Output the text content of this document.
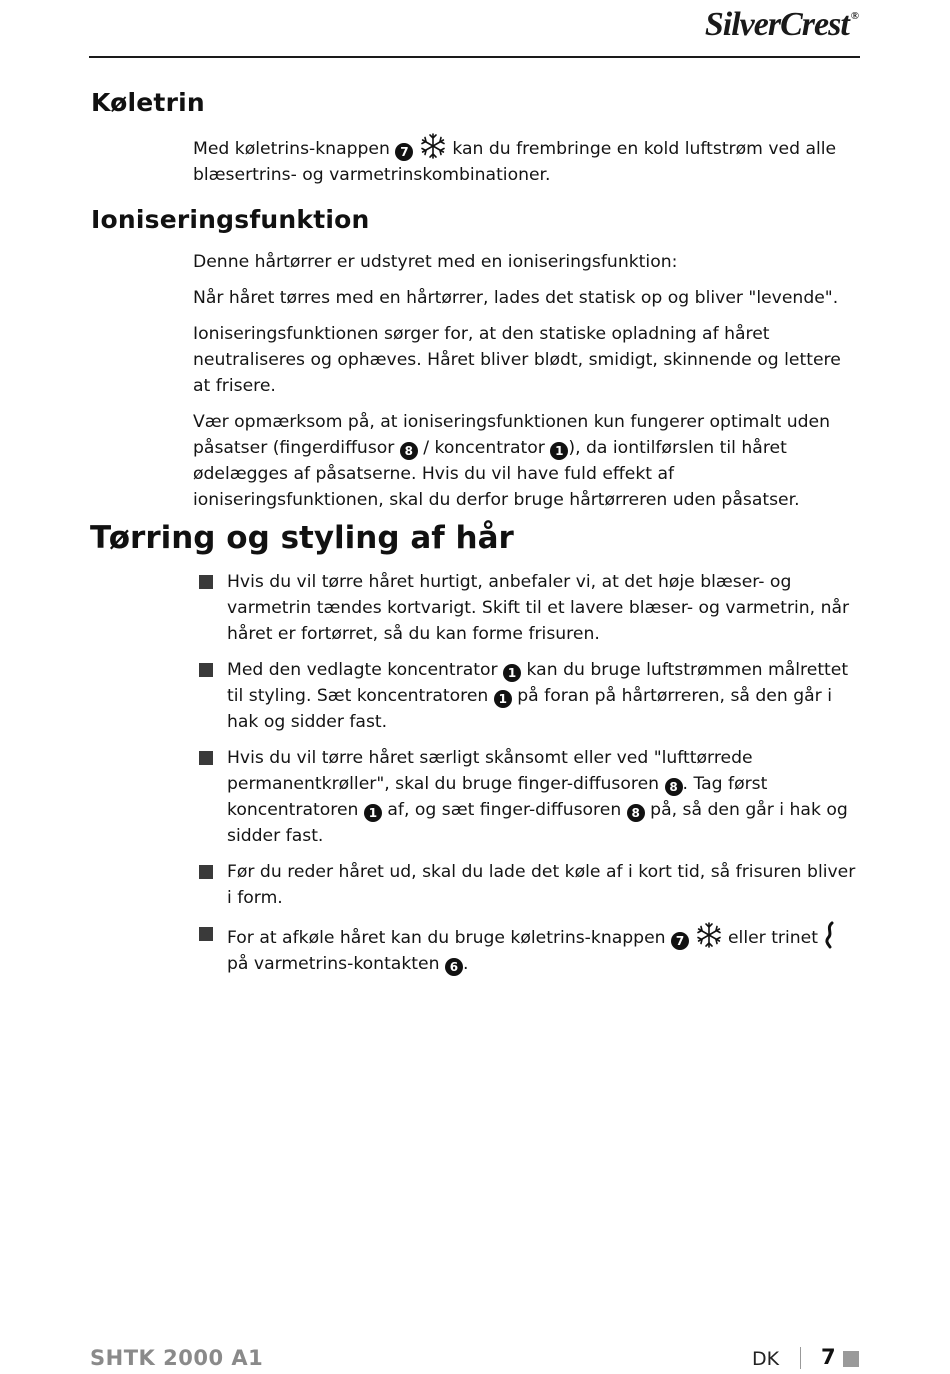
SilverCrest ®
Køletrin

Med køletrins-knappen 7	kan du frembringe en kold luftstrøm ved alle blæsertrins- og varmetrinskombinationer.

Ioniseringsfunktion

Denne hårtørrer er udstyret med en ioniseringsfunktion:

Når håret tørres med en hårtørrer, lades det statisk op og bliver "levende".

Ioniseringsfunktionen sørger for, at den statiske opladning af håret neutraliseres og ophæves. Håret bliver blødt, smidigt, skinnende og lettere at frisere.

Vær opmærksom på, at ioniseringsfunktionen kun fungerer optimalt uden påsatser (fingerdiffusor 8 / koncentrator 1 ), da iontilførslen til håret ødelægges af påsatserne. Hvis du vil have fuld effekt af ioniseringsfunktionen, skal du derfor bruge hårtørreren uden påsatser.

Tørring og styling af hår
Hvis du vil tørre håret hurtigt, anbefaler vi, at det høje blæser- og varmetrin tændes kortvarigt. Skift til et lavere blæser- og varmetrin, når håret er fortørret, så du kan forme frisuren.
Med den vedlagte koncentrator 1 kan du bruge luftstrømmen målrettet til styling. Sæt koncentratoren 1 på foran på hårtørreren, så den går i hak og sidder fast.
Hvis du vil tørre håret særligt skånsomt eller ved "lufttørrede permanentkrøller", skal du bruge finger-diffusoren 8 . Tag først koncentratoren 1 af, og sæt finger-diffusoren 8 på, så den går i hak og sidder fast.
Før du reder håret ud, skal du lade det køle af i kort tid, så frisuren bliver i form.
For at afkøle håret kan du bruge køletrins-knappen 7	eller trinet  på varmetrins-kontakten 6 .
SHTK 2000 A1	DK 7
